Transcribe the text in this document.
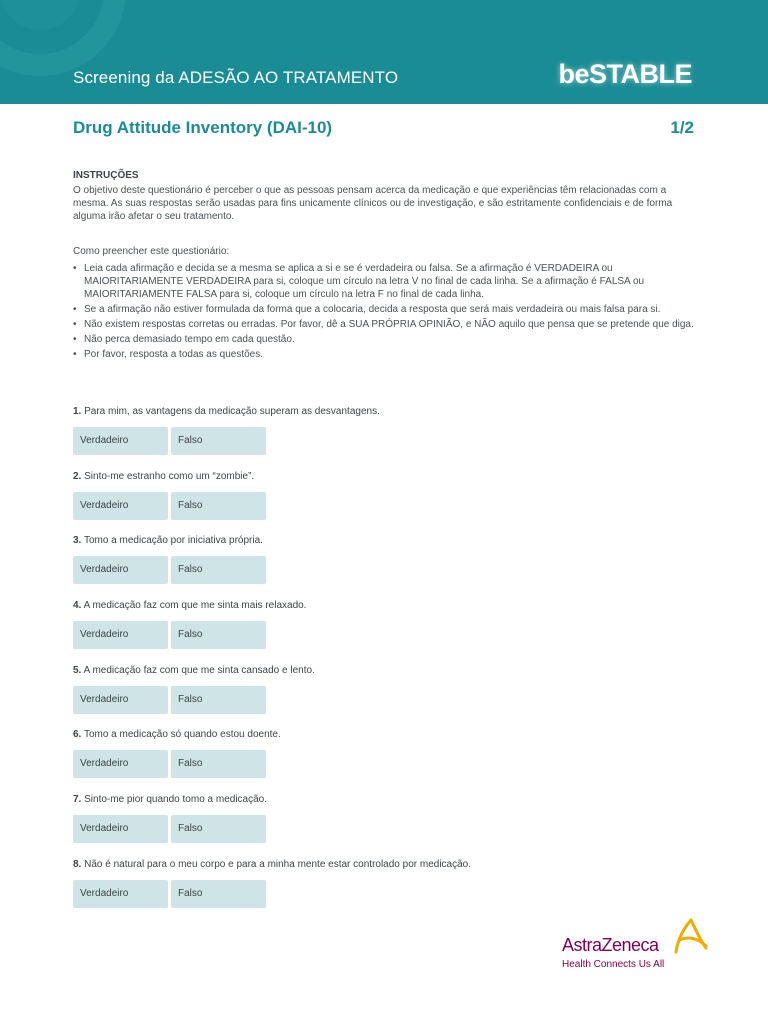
Screening da ADESÃO AO TRATAMENTO	beSTABLE
Drug Attitude Inventory (DAI-10)	1/2
INSTRUÇÕES
O objetivo deste questionário é perceber o que as pessoas pensam acerca da medicação e que experiências têm relacionadas com a mesma. As suas respostas serão usadas para fins unicamente clínicos ou de investigação, e são estritamente confidenciais e de forma alguma irão afetar o seu tratamento.
Como preencher este questionário:
• Leia cada afirmação e decida se a mesma se aplica a si e se é verdadeira ou falsa. Se a afirmação é VERDADEIRA ou MAIORITARIAMENTE VERDADEIRA para si, coloque um círculo na letra V no final de cada linha. Se a afirmação é FALSA ou MAIORITARIAMENTE FALSA para si, coloque um círculo na letra F no final de cada linha.
• Se a afirmação não estiver formulada da forma que a colocaria, decida a resposta que será mais verdadeira ou mais falsa para si.
• Não existem respostas corretas ou erradas. Por favor, dê a SUA PRÓPRIA OPINIÃO, e NÃO aquilo que pensa que se pretende que diga.
• Não perca demasiado tempo em cada questão.
• Por favor, resposta a todas as questões.
1. Para mim, as vantagens da medicação superam as desvantagens.
Verdadeiro	Falso
2. Sinto-me estranho como um “zombie”.
Verdadeiro	Falso
3. Tomo a medicação por iniciativa própria.
Verdadeiro	Falso
4. A medicação faz com que me sinta mais relaxado.
Verdadeiro	Falso
5. A medicação faz com que me sinta cansado e lento.
Verdadeiro	Falso
6. Tomo a medicação só quando estou doente.
Verdadeiro	Falso
7. Sinto-me pior quando tomo a medicação.
Verdadeiro	Falso
8. Não é natural para o meu corpo e para a minha mente estar controlado por medicação.
Verdadeiro	Falso
AstraZeneca
Health Connects Us All
